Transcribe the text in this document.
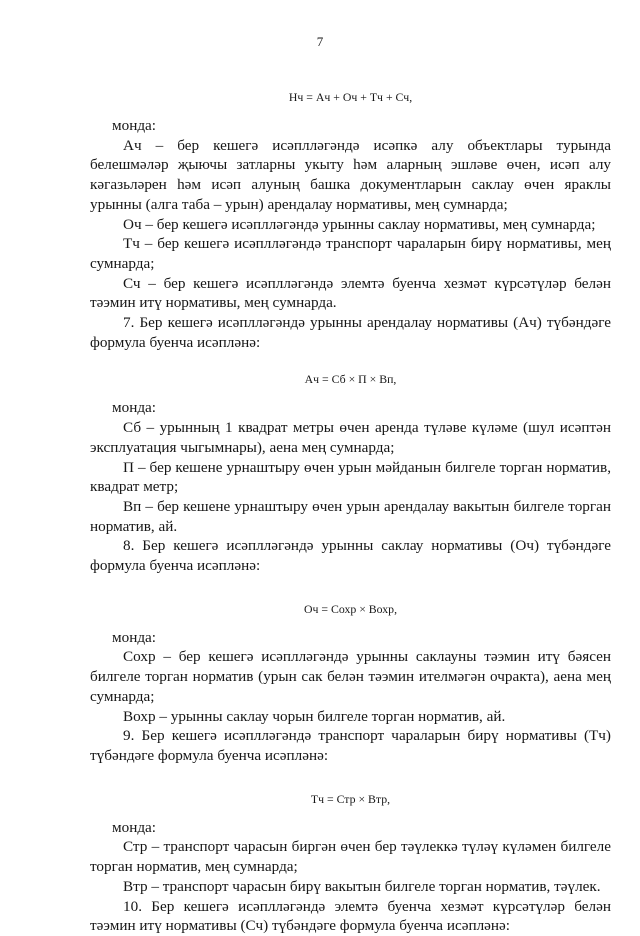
7

Нч = Ач + Оч + Тч + Сч,

монда:

Ач – бер кешегә исәплләгәндә исәпкә алу объектлары турында белешмәләр җыючы затларны укыту һәм аларның эшләве өчен, исәп алу кәгазьләрен һәм исәп алуның башка документларын саклау өчен яраклы урынны (алга таба – урын) арендалау нормативы, мең сумнарда;

Оч – бер кешегә исәплләгәндә урынны саклау нормативы, мең сумнарда;

Тч – бер кешегә исәплләгәндә транспорт чараларын бирү нормативы, мең сумнарда;

Сч – бер кешегә исәплләгәндә элемтә буенча хезмәт күрсәтүләр белән тәэмин итү нормативы, мең сумнарда.

7. Бер кешегә исәплләгәндә урынны арендалау нормативы (Ач) түбәндәге формула буенча исәпләнә:

Ач = Сб × П × Вп,

монда:

Сб – урынның 1 квадрат метры өчен аренда түләве күләме (шул исәптән эксплуатация чыгымнары), аена мең сумнарда;

П – бер кешене урнаштыру өчен урын мәйданын билгеле торган норматив, квадрат метр;

Вп – бер кешене урнаштыру өчен урын арендалау вакытын билгеле торган норматив, ай.

8. Бер кешегә исәплләгәндә урынны саклау нормативы (Оч) түбәндәге формула буенча исәпләнә:

Оч = Сохр × Вохр,

монда:

Сохр – бер кешегә исәплләгәндә урынны саклауны тәэмин итү бәясен билгеле торган норматив (урын сак белән тәэмин ителмәгән очракта), аена мең сумнарда;

Вохр – урынны саклау чорын билгеле торган норматив, ай.

9. Бер кешегә исәплләгәндә транспорт чараларын бирү нормативы (Тч) түбәндәге формула буенча исәпләнә:

Тч = Стр × Втр,

монда:

Стр – транспорт чарасын биргән өчен бер тәүлеккә түләү күләмен билгеле торган норматив, мең сумнарда;

Втр – транспорт чарасын бирү вакытын билгеле торган норматив, тәүлек.

10. Бер кешегә исәплләгәндә элемтә буенча хезмәт күрсәтүләр белән тәэмин итү нормативы (Сч) түбәндәге формула буенча исәпләнә:
